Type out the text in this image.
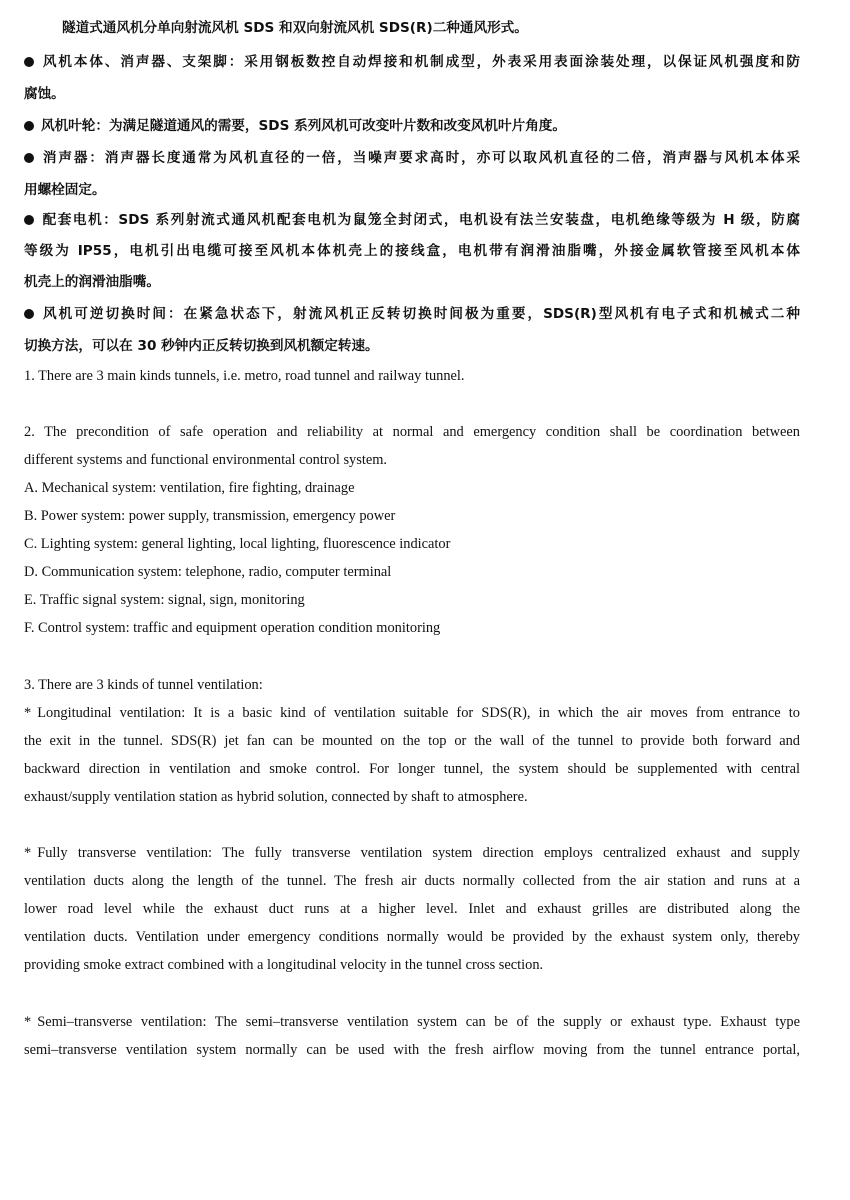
隧道式通风机分单向射流风机 SDS 和双向射流风机 SDS(R)二种通风形式。
风机本体、消声器、支架脚：采用钢板数控自动焊接和机制成型，外表采用表面涂装处理，以保证风机强度和防
腐蚀。
风机叶轮：为满足隧道通风的需要，SDS 系列风机可改变叶片数和改变风机叶片角度。
消声器：消声器长度通常为风机直径的一倍，当噪声要求高时，亦可以取风机直径的二倍，消声器与风机本体采
用螺栓固定。
配套电机：SDS 系列射流式通风机配套电机为鼠笼全封闭式，电机设有法兰安装盘，电机绝缘等级为 H 级，防腐
等级为 IP55，电机引出电缆可接至风机本体机壳上的接线盒，电机带有润滑油脂嘴，外接金属软管接至风机本体
机壳上的润滑油脂嘴。
风机可逆切换时间：在紧急状态下，射流风机正反转切换时间极为重要，SDS(R)型风机有电子式和机械式二种
切换方法，可以在 30 秒钟内正反转切换到风机额定转速。
1. There are 3 main kinds tunnels, i.e. metro, road tunnel and railway tunnel.
2. The precondition of safe operation and reliability at normal and emergency condition shall be coordination between
different systems and functional environmental control system.
A. Mechanical system: ventilation, fire fighting, drainage
B. Power system: power supply, transmission, emergency power
C. Lighting system: general lighting, local lighting, fluorescence indicator
D. Communication system: telephone, radio, computer terminal
E. Traffic signal system: signal, sign, monitoring
F. Control system: traffic and equipment operation condition monitoring
3. There are 3 kinds of tunnel ventilation:
* Longitudinal ventilation: It is a basic kind of ventilation suitable for SDS(R), in which the air moves from entrance to
the exit in the tunnel. SDS(R) jet fan can be mounted on the top or the wall of the tunnel to provide both forward and
backward direction in ventilation and smoke control. For longer tunnel, the system should be supplemented with central
exhaust/supply ventilation station as hybrid solution, connected by shaft to atmosphere.
* Fully transverse ventilation: The fully transverse ventilation system direction employs centralized exhaust and supply
ventilation ducts along the length of the tunnel. The fresh air ducts normally collected from the air station and runs at a
lower road level while the exhaust duct runs at a higher level. Inlet and exhaust grilles are distributed along the
ventilation ducts. Ventilation under emergency conditions normally would be provided by the exhaust system only, thereby
providing smoke extract combined with a longitudinal velocity in the tunnel cross section.
* Semi–transverse ventilation: The semi–transverse ventilation system can be of the supply or exhaust type. Exhaust type
semi–transverse ventilation system normally can be used with the fresh airflow moving from the tunnel entrance portal,
